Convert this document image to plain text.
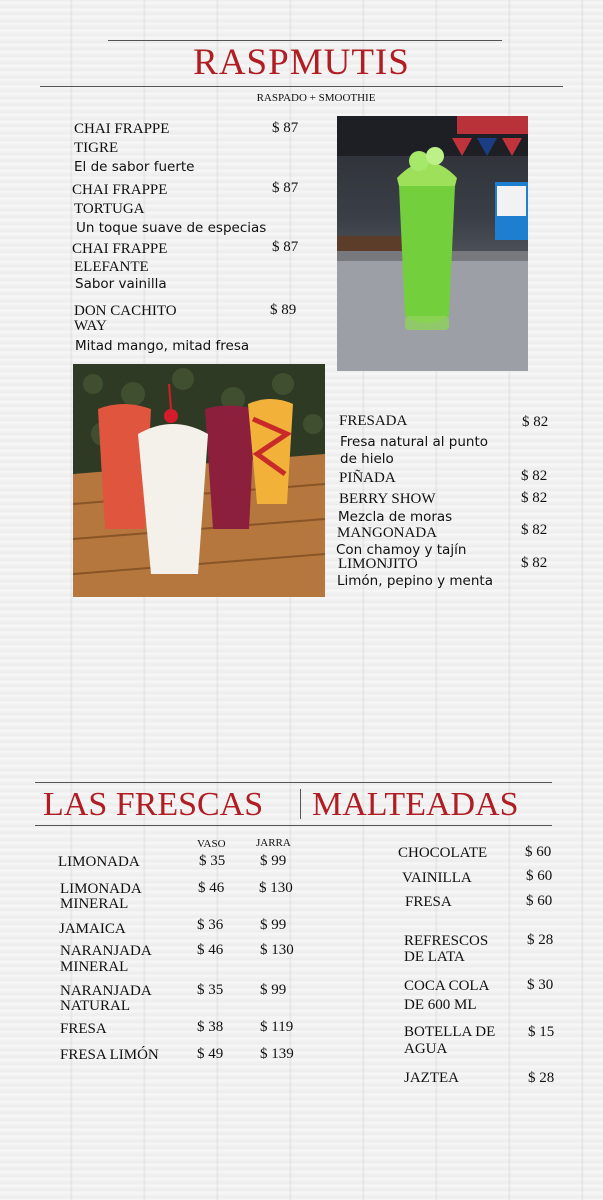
RASPMUTIS
RASPADO + SMOOTHIE
CHAI FRAPPE
TIGRE
$ 87
El de sabor fuerte
CHAI FRAPPE
TORTUGA
$ 87
Un toque suave de especias
CHAI FRAPPE
ELEFANTE
$ 87
Sabor vainilla
DON CACHITO
WAY
$ 89
Mitad mango, mitad fresa
FRESADA	$ 82
Fresa natural al punto
de hielo
PIÑADA	$ 82
BERRY SHOW	$ 82
Mezcla de moras
MANGONADA	$ 82
Con chamoy y tajín
LIMONJITO	$ 82
Limón, pepino y menta
LAS FRESCAS MALTEADAS
VASO	JARRA
LIMONADA	$ 35 $ 99
LIMONADA
MINERAL
$ 46 $ 130
JAMAICA	$ 36 $ 99
NARANJADA
MINERAL
$ 46 $ 130
NARANJADA
NATURAL
$ 35 $ 99
FRESA	$ 38 $ 119
FRESA LIMÓN	$ 49 $ 139
CHOCOLATE	$ 60
VAINILLA	$ 60
FRESA	$ 60
REFRESCOS
DE LATA
$ 28
COCA COLA
DE 600 ML
$ 30
BOTELLA DE
AGUA
$ 15
JAZTEA	$ 28
